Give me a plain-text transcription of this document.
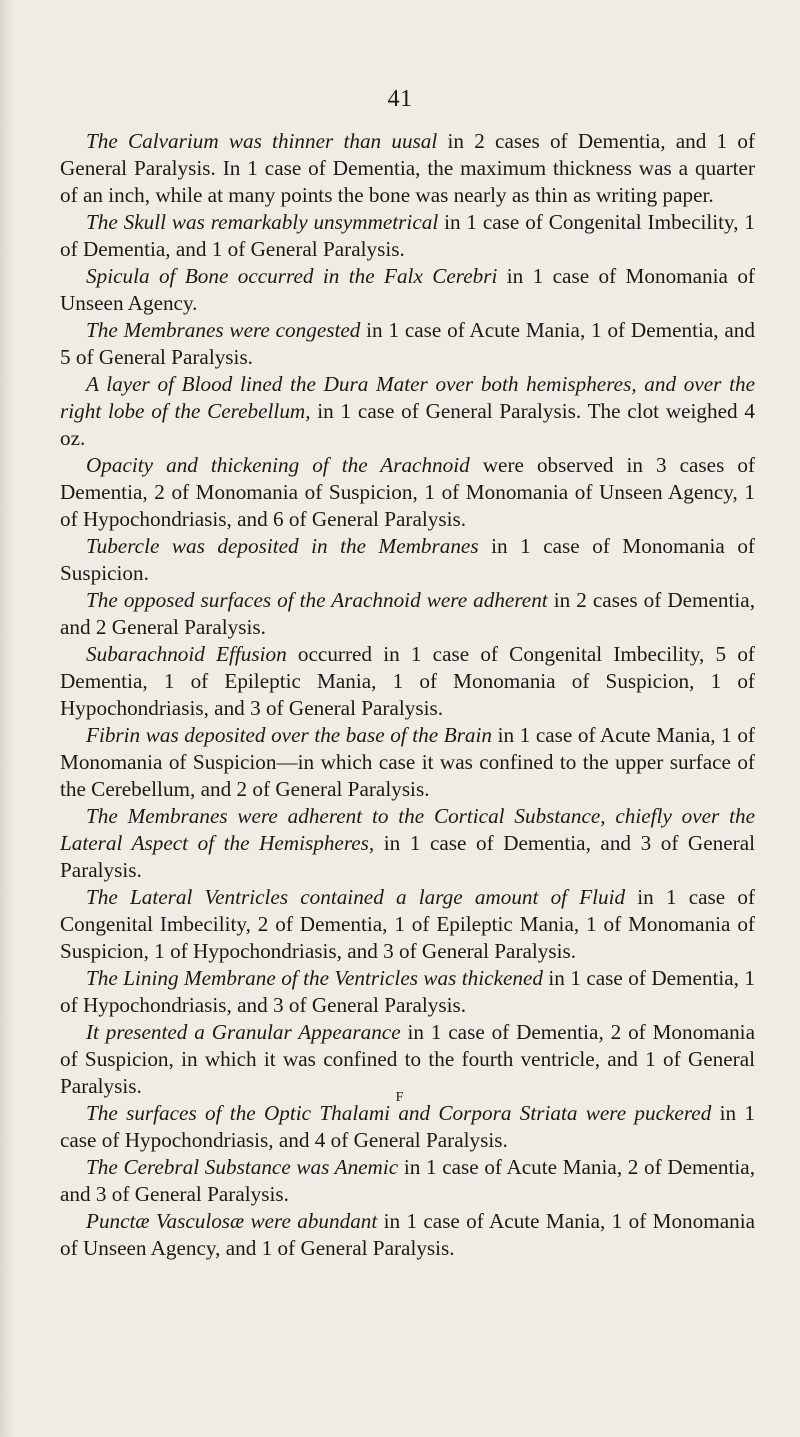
41

The Calvarium was thinner than uusal in 2 cases of Dementia, and 1 of General Paralysis. In 1 case of Dementia, the maximum thickness was a quarter of an inch, while at many points the bone was nearly as thin as writing paper.

The Skull was remarkably unsymmetrical in 1 case of Congenital Imbecility, 1 of Dementia, and 1 of General Paralysis.

Spicula of Bone occurred in the Falx Cerebri in 1 case of Monomania of Unseen Agency.

The Membranes were congested in 1 case of Acute Mania, 1 of Dementia, and 5 of General Paralysis.

A layer of Blood lined the Dura Mater over both hemispheres, and over the right lobe of the Cerebellum, in 1 case of General Paralysis. The clot weighed 4 oz.

Opacity and thickening of the Arachnoid were observed in 3 cases of Dementia, 2 of Monomania of Suspicion, 1 of Monomania of Unseen Agency, 1 of Hypochondriasis, and 6 of General Paralysis.

Tubercle was deposited in the Membranes in 1 case of Monomania of Suspicion.

The opposed surfaces of the Arachnoid were adherent in 2 cases of Dementia, and 2 General Paralysis.

Subarachnoid Effusion occurred in 1 case of Congenital Imbecility, 5 of Dementia, 1 of Epileptic Mania, 1 of Monomania of Suspicion, 1 of Hypochondriasis, and 3 of General Paralysis.

Fibrin was deposited over the base of the Brain in 1 case of Acute Mania, 1 of Monomania of Suspicion—in which case it was confined to the upper surface of the Cerebellum, and 2 of General Paralysis.

The Membranes were adherent to the Cortical Substance, chiefly over the Lateral Aspect of the Hemispheres, in 1 case of Dementia, and 3 of General Paralysis.

The Lateral Ventricles contained a large amount of Fluid in 1 case of Congenital Imbecility, 2 of Dementia, 1 of Epileptic Mania, 1 of Monomania of Suspicion, 1 of Hypochondriasis, and 3 of General Paralysis.

The Lining Membrane of the Ventricles was thickened in 1 case of Dementia, 1 of Hypochondriasis, and 3 of General Paralysis.

It presented a Granular Appearance in 1 case of Dementia, 2 of Monomania of Suspicion, in which it was confined to the fourth ventricle, and 1 of General Paralysis.

The surfaces of the Optic Thalami and Corpora Striata were puckered in 1 case of Hypochondriasis, and 4 of General Paralysis.

The Cerebral Substance was Anemic in 1 case of Acute Mania, 2 of Dementia, and 3 of General Paralysis.

Punctæ Vasculosæ were abundant in 1 case of Acute Mania, 1 of Monomania of Unseen Agency, and 1 of General Paralysis.

F
